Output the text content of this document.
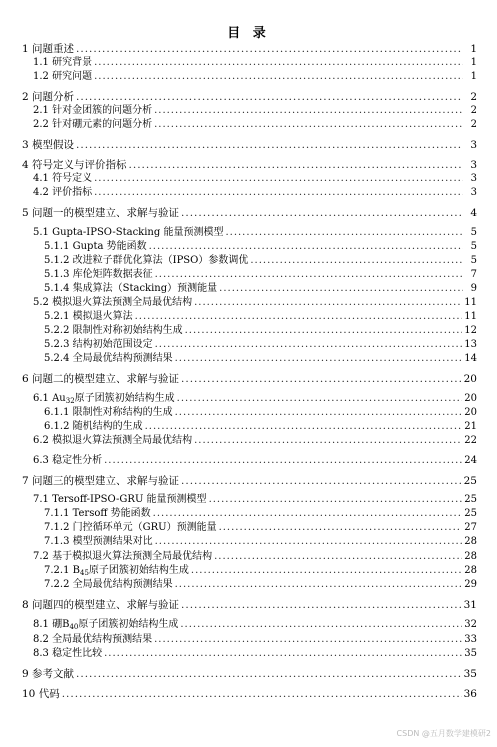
目 录
1 问题重述 .....	1
1.1 研究背景 .....	1
1.2 研究问题 .....	1
2 问题分析 .....	2
2.1 针对金团簇的问题分析 .....	2
2.2 针对硼元素的问题分析 .....	2
3 模型假设 .....	3
4 符号定义与评价指标 .....	3
4.1 符号定义 .....	3
4.2 评价指标 .....	3
5 问题一的模型建立、求解与验证 .....	4
5.1 Gupta-IPSO-Stacking 能量预测模型 .....	5
5.1.1 Gupta 势能函数 .....	5
5.1.2 改进粒子群优化算法（IPSO）参数调优 .....	5
5.1.3 库伦矩阵数据表征 .....	7
5.1.4 集成算法（Stacking）预测能量 .....	9
5.2 模拟退火算法预测全局最优结构 .....	11
5.2.1 模拟退火算法 .....	11
5.2.2 限制性对称初始结构生成 .....	12
5.2.3 结构初始范围设定 .....	13
5.2.4 全局最优结构预测结果 .....	14
6 问题二的模型建立、求解与验证 .....	20
6.1 $Au_{32}$原子团簇初始结构生成 .....	20
6.1.1 限制性对称结构的生成 .....	20
6.1.2 随机结构的生成 .....	21
6.2 模拟退火算法预测全局最优结构 .....	22
6.3 稳定性分析 .....	24
7 问题三的模型建立、求解与验证 .....	25
7.1 Tersoff-IPSO-GRU 能量预测模型 .....	25
7.1.1 Tersoff 势能函数 .....	25
7.1.2 门控循环单元（GRU）预测能量 .....	27
7.1.3 模型预测结果对比 .....	28
7.2 基于模拟退火算法预测全局最优结构 .....	28
7.2.1 $B_{45}$原子团簇初始结构生成 .....	28
7.2.2 全局最优结构预测结果 .....	29
8 问题四的模型建立、求解与验证 .....	31
8.1 硼$B_{40}$原子团簇初始结构生成 .....	32
8.2 全局最优结构预测结果 .....	33
8.3 稳定性比较 .....	35
9 参考文献 .....	35
10 代码 .....	36
CSDN @五月数学建模研2
